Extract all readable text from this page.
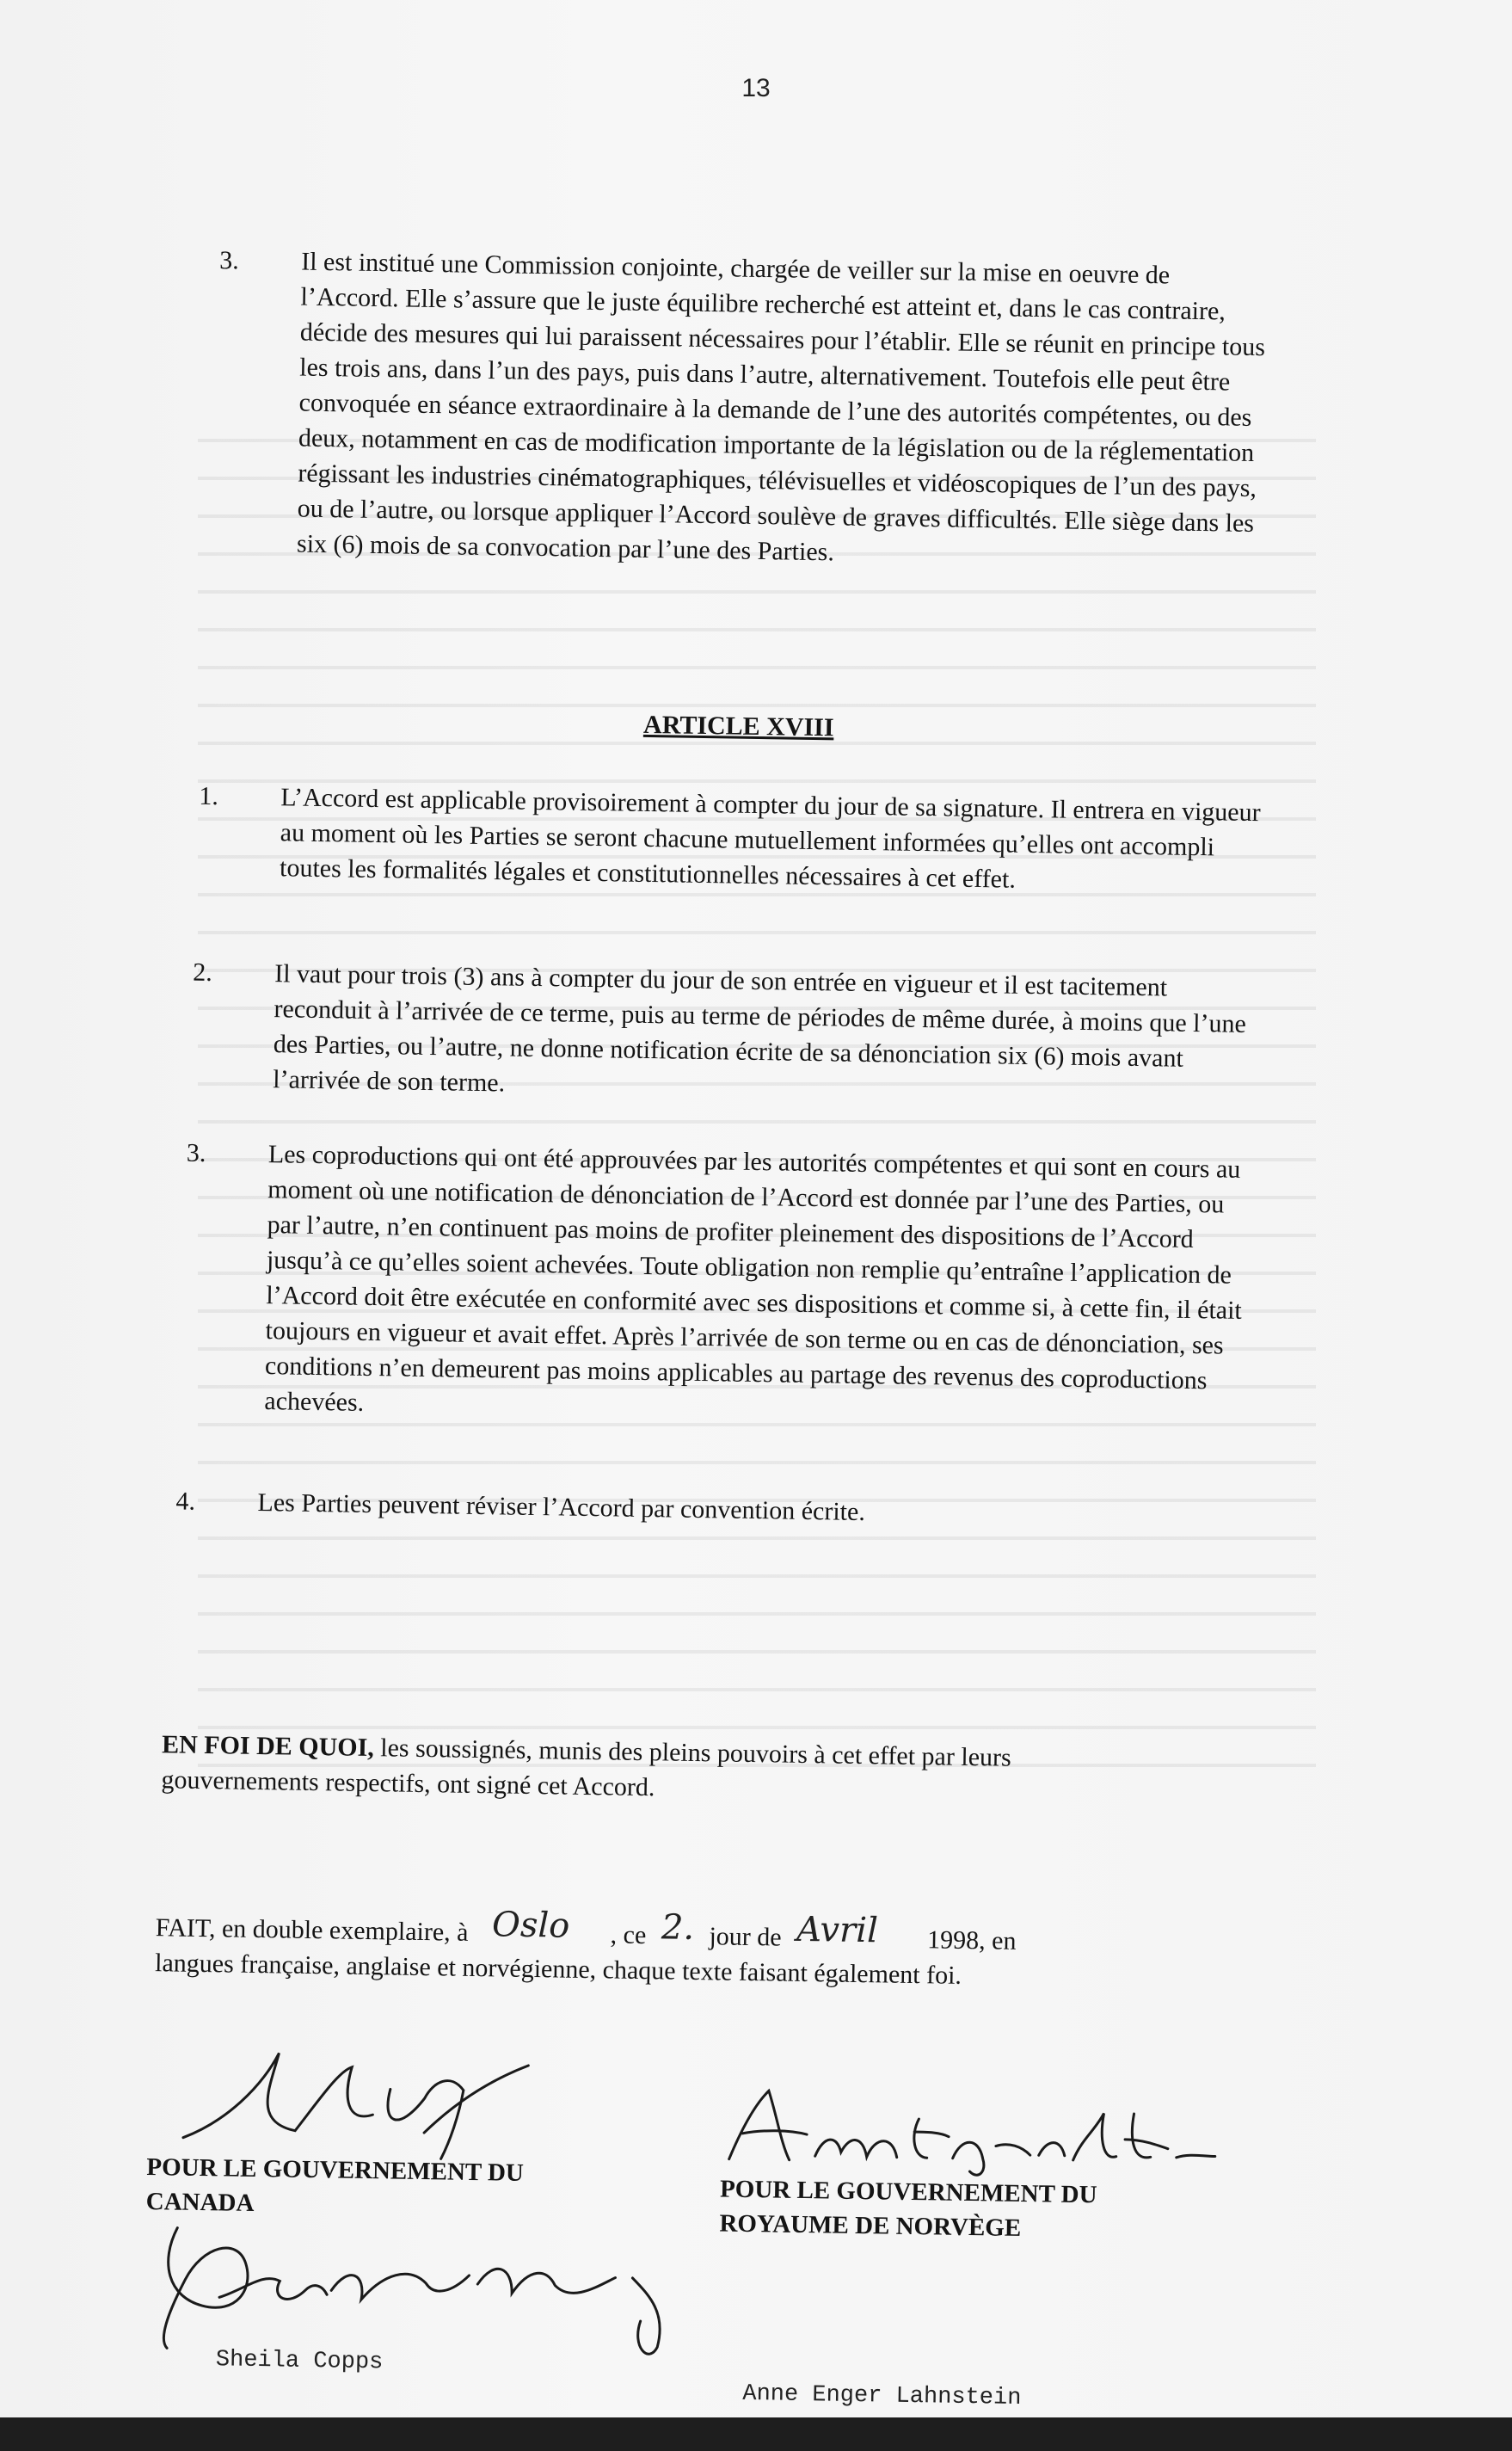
13
3.	Il est institué une Commission conjointe, chargée de veiller sur la mise en oeuvre de l’Accord. Elle s’assure que le juste équilibre recherché est atteint et, dans le cas contraire, décide des mesures qui lui paraissent nécessaires pour l’établir. Elle se réunit en principe tous les trois ans, dans l’un des pays, puis dans l’autre, alternativement. Toutefois elle peut être convoquée en séance extraordinaire à la demande de l’une des autorités compétentes, ou des deux, notamment en cas de modification importante de la législation ou de la réglementation régissant les industries cinématographiques, télévisuelles et vidéoscopiques de l’un des pays, ou de l’autre, ou lorsque appliquer l’Accord soulève de graves difficultés. Elle siège dans les six (6) mois de sa convocation par l’une des Parties.
ARTICLE XVIII
1.	L’Accord est applicable provisoirement à compter du jour de sa signature. Il entrera en vigueur au moment où les Parties se seront chacune mutuellement informées qu’elles ont accompli toutes les formalités légales et constitutionnelles nécessaires à cet effet.
2.	Il vaut pour trois (3) ans à compter du jour de son entrée en vigueur et il est tacitement reconduit à l’arrivée de ce terme, puis au terme de périodes de même durée, à moins que l’une des Parties, ou l’autre, ne donne notification écrite de sa dénonciation six (6) mois avant l’arrivée de son terme.
3.	Les coproductions qui ont été approuvées par les autorités compétentes et qui sont en cours au moment où une notification de dénonciation de l’Accord est donnée par l’une des Parties, ou par l’autre, n’en continuent pas moins de profiter pleinement des dispositions de l’Accord jusqu’à ce qu’elles soient achevées. Toute obligation non remplie qu’entraîne l’application de l’Accord doit être exécutée en conformité avec ses dispositions et comme si, à cette fin, il était toujours en vigueur et avait effet. Après l’arrivée de son terme ou en cas de dénonciation, ses conditions n’en demeurent pas moins applicables au partage des revenus des coproductions achevées.
4.	Les Parties peuvent réviser l’Accord par convention écrite.
EN FOI DE QUOI, les soussignés, munis des pleins pouvoirs à cet effet par leurs gouvernements respectifs, ont signé cet Accord.
FAIT, en double exemplaire, à Oslo , ce 2. jour de Avril 1998, en
langues française, anglaise et norvégienne, chaque texte faisant également foi.
POUR LE GOUVERNEMENT DU CANADA
Sheila Copps
POUR LE GOUVERNEMENT DU ROYAUME DE NORVÈGE
Anne Enger Lahnstein
